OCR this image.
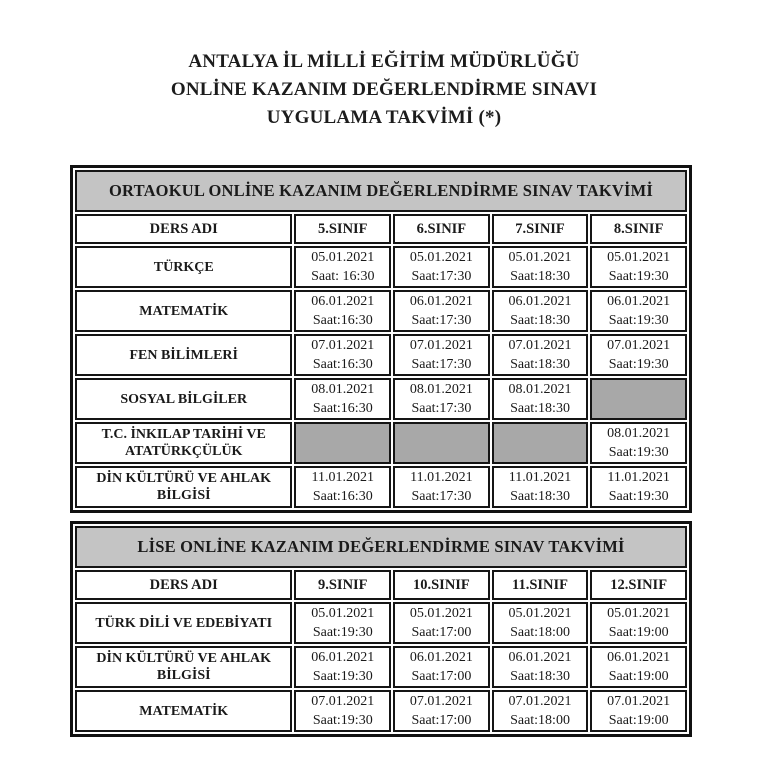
ANTALYA İL MİLLİ EĞİTİM MÜDÜRLÜĞÜ
ONLİNE KAZANIM DEĞERLENDİRME SINAVI
UYGULAMA TAKVİMİ (*)
ORTAOKUL ONLİNE KAZANIM DEĞERLENDİRME SINAV TAKVİMİ				
DERS ADI	5.SINIF	6.SINIF	7.SINIF	8.SINIF
TÜRKÇE	05.01.2021
Saat: 16:30	05.01.2021
Saat:17:30	05.01.2021
Saat:18:30	05.01.2021
Saat:19:30

MATEMATİK	06.01.2021
Saat:16:30	06.01.2021
Saat:17:30	06.01.2021
Saat:18:30	06.01.2021
Saat:19:30

FEN BİLİMLERİ	07.01.2021
Saat:16:30	07.01.2021
Saat:17:30	07.01.2021
Saat:18:30	07.01.2021
Saat:19:30

SOSYAL BİLGİLER	08.01.2021
Saat:16:30	08.01.2021
Saat:17:30	08.01.2021
Saat:18:30	

T.C. İNKILAP TARİHİ VE ATATÜRKÇÜLÜK				08.01.2021
Saat:19:30

DİN KÜLTÜRÜ VE AHLAK BİLGİSİ	11.01.2021
Saat:16:30	11.01.2021
Saat:17:30	11.01.2021
Saat:18:30	11.01.2021
Saat:19:30
LİSE ONLİNE KAZANIM DEĞERLENDİRME SINAV TAKVİMİ				
DERS ADI	9.SINIF	10.SINIF	11.SINIF	12.SINIF
TÜRK DİLİ VE EDEBİYATI	05.01.2021
Saat:19:30	05.01.2021
Saat:17:00	05.01.2021
Saat:18:00	05.01.2021
Saat:19:00

DİN KÜLTÜRÜ VE AHLAK BİLGİSİ	06.01.2021
Saat:19:30	06.01.2021
Saat:17:00	06.01.2021
Saat:18:30	06.01.2021
Saat:19:00

MATEMATİK	07.01.2021
Saat:19:30	07.01.2021
Saat:17:00	07.01.2021
Saat:18:00	07.01.2021
Saat:19:00
